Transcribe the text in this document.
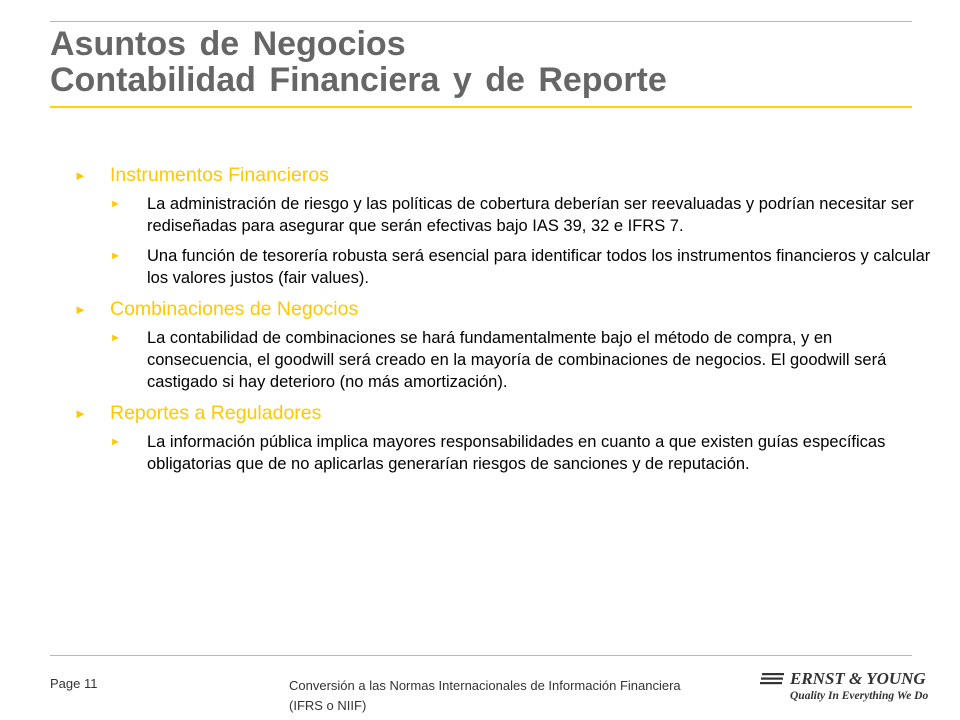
Asuntos de Negocios
Contabilidad Financiera y de Reporte
► Instrumentos Financieros
► La administración de riesgo y las políticas de cobertura deberían ser reevaluadas y podrían necesitar ser rediseñadas para asegurar que serán efectivas bajo IAS 39, 32 e IFRS 7.
► Una función de tesorería robusta será esencial para identificar todos los instrumentos financieros y calcular los valores justos (fair values).
► Combinaciones de Negocios
► La contabilidad de combinaciones se hará fundamentalmente bajo el método de compra, y en consecuencia, el goodwill será creado en la mayoría de combinaciones de negocios. El goodwill será castigado si hay deterioro (no más amortización).
► Reportes a Reguladores
► La información pública implica mayores responsabilidades en cuanto a que existen guías específicas obligatorias que de no aplicarlas generarían riesgos de sanciones y de reputación.
Page 11	Conversión a las Normas Internacionales de Información Financiera (IFRS o NIIF)
ERNST & YOUNG
Quality In Everything We Do
